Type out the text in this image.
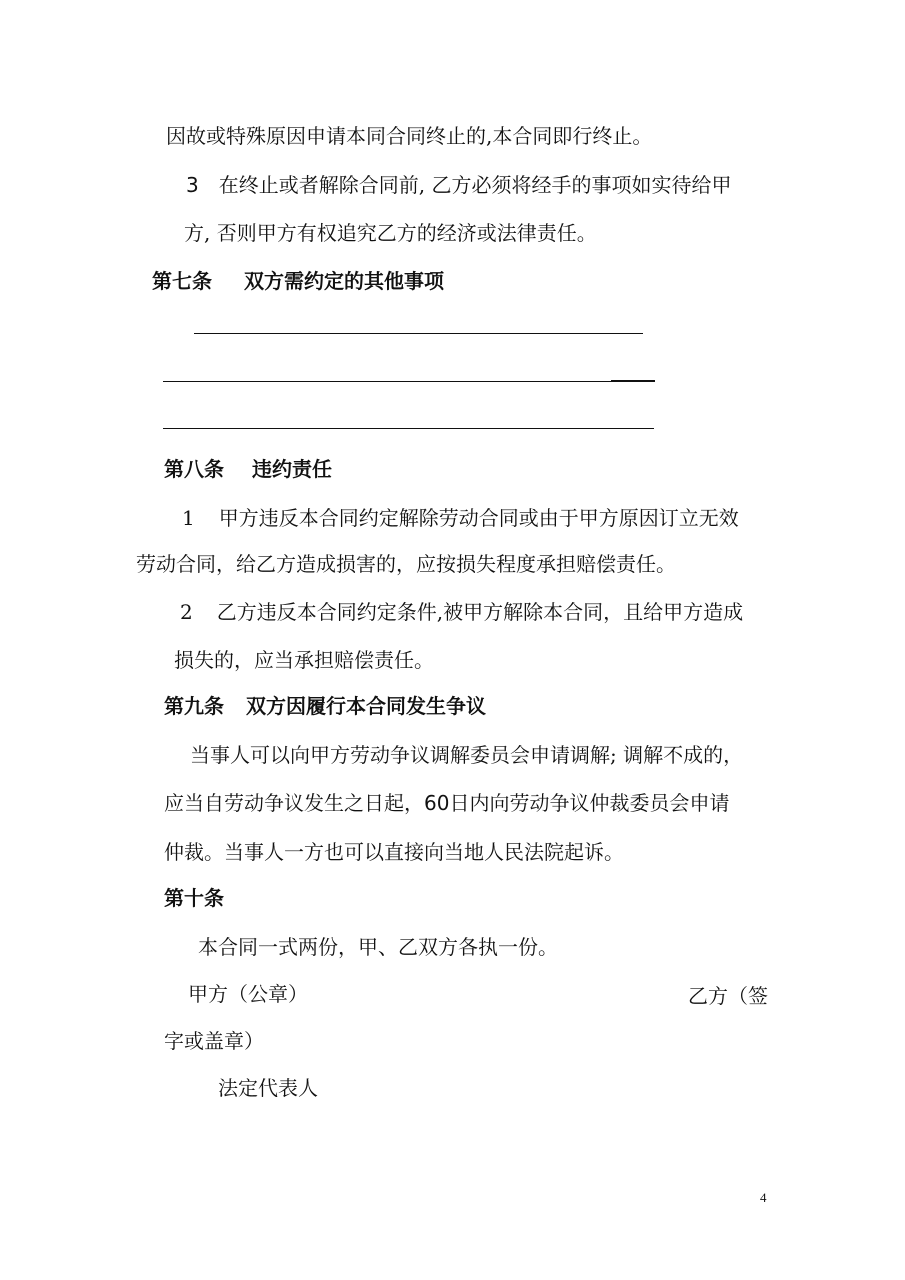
因故或特殊原因申请本同合同终止的,本合同即行终止。
3 在终止或者解除合同前, 乙方必须将经手的事项如实待给甲
方, 否则甲方有权追究乙方的经济或法律责任。
第七条 双方需约定的其他事项
第八条 违约责任
1 甲方违反本合同约定解除劳动合同或由于甲方原因订立无效
劳动合同，给乙方造成损害的，应按损失程度承担赔偿责任。
2 乙方违反本合同约定条件,被甲方解除本合同，且给甲方造成
损失的，应当承担赔偿责任。
第九条 双方因履行本合同发生争议
当事人可以向甲方劳动争议调解委员会申请调解; 调解不成的，
应当自劳动争议发生之日起，60日内向劳动争议仲裁委员会申请
仲裁。当事人一方也可以直接向当地人民法院起诉。
第十条
本合同一式两份，甲、乙双方各执一份。
甲方（公章）	乙方（签
字或盖章）
法定代表人
4
